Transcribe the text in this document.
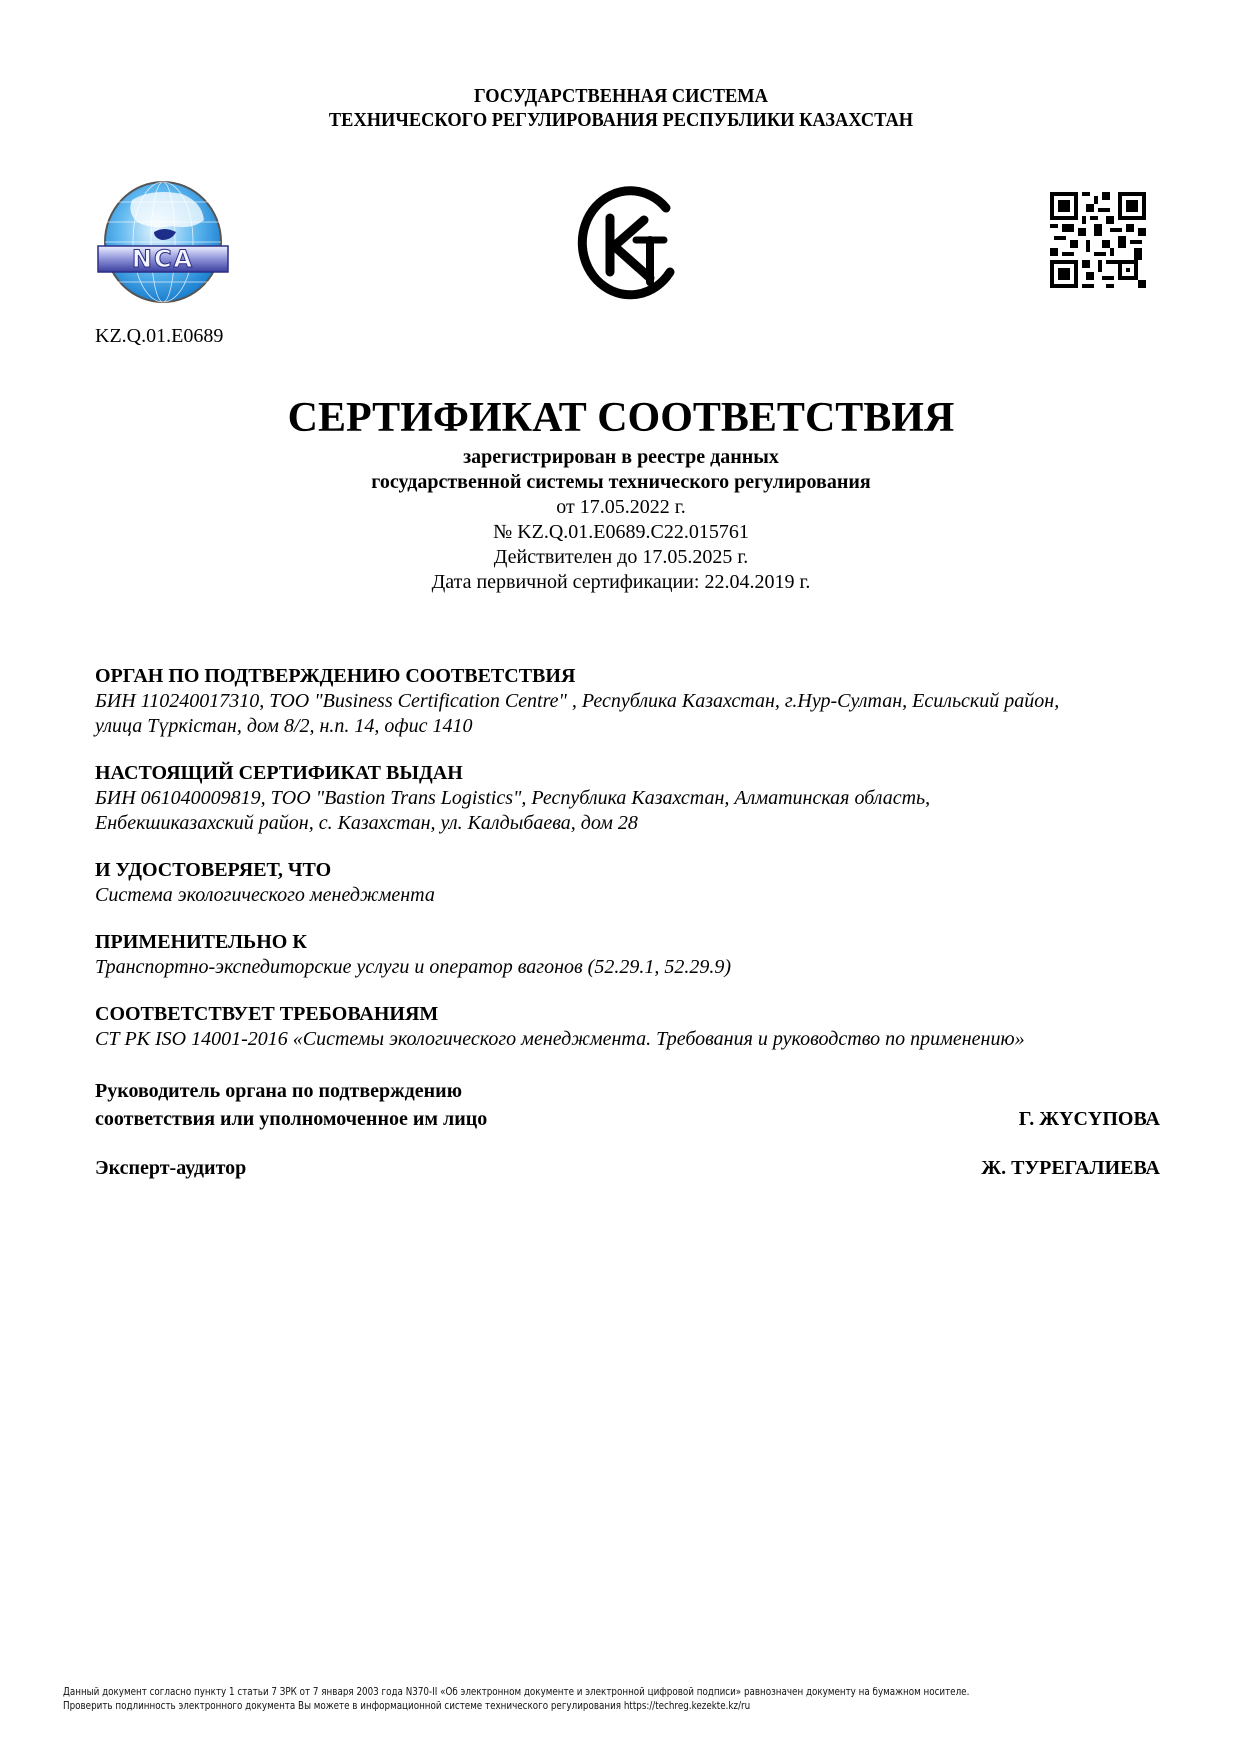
ГОСУДАРСТВЕННАЯ СИСТЕМА
ТЕХНИЧЕСКОГО РЕГУЛИРОВАНИЯ РЕСПУБЛИКИ КАЗАХСТАН
NCA
KZ.Q.01.E0689
СЕРТИФИКАТ СООТВЕТСТВИЯ
зарегистрирован в реестре данных
государственной системы технического регулирования
от 17.05.2022 г.
№ KZ.Q.01.E0689.C22.015761
Действителен до 17.05.2025 г.
Дата первичной сертификации: 22.04.2019 г.
ОРГАН ПО ПОДТВЕРЖДЕНИЮ СООТВЕТСТВИЯ
БИН 110240017310, ТОО "Business Certification Centre" , Республика Казахстан, г.Нур-Султан, Есильский район,
улица Түркістан, дом 8/2, н.п. 14, офис 1410
НАСТОЯЩИЙ СЕРТИФИКАТ ВЫДАН
БИН 061040009819, ТОО "Bastion Trans Logistics", Республика Казахстан, Алматинская область,
Енбекшиказахский район, с. Казахстан, ул. Калдыбаева, дом 28
И УДОСТОВЕРЯЕТ, ЧТО
Система экологического менеджмента
ПРИМЕНИТЕЛЬНО К
Транспортно-экспедиторские услуги и оператор вагонов (52.29.1, 52.29.9)
СООТВЕТСТВУЕТ ТРЕБОВАНИЯМ
СТ РК ISO 14001-2016 «Системы экологического менеджмента. Требования и руководство по применению»
Руководитель органа по подтверждению
соответствия или уполномоченное им лицо	Г. ЖҮСҮПОВА
Эксперт-аудитор	Ж. ТУРЕГАЛИЕВА
Данный документ согласно пункту 1 статьи 7 ЗРК от 7 января 2003 года N370-II «Об электронном документе и электронной цифровой подписи» равнозначен документу на бумажном носителе.
Проверить подлинность электронного документа Вы можете в информационной системе технического регулирования https://techreg.kezekte.kz/ru
